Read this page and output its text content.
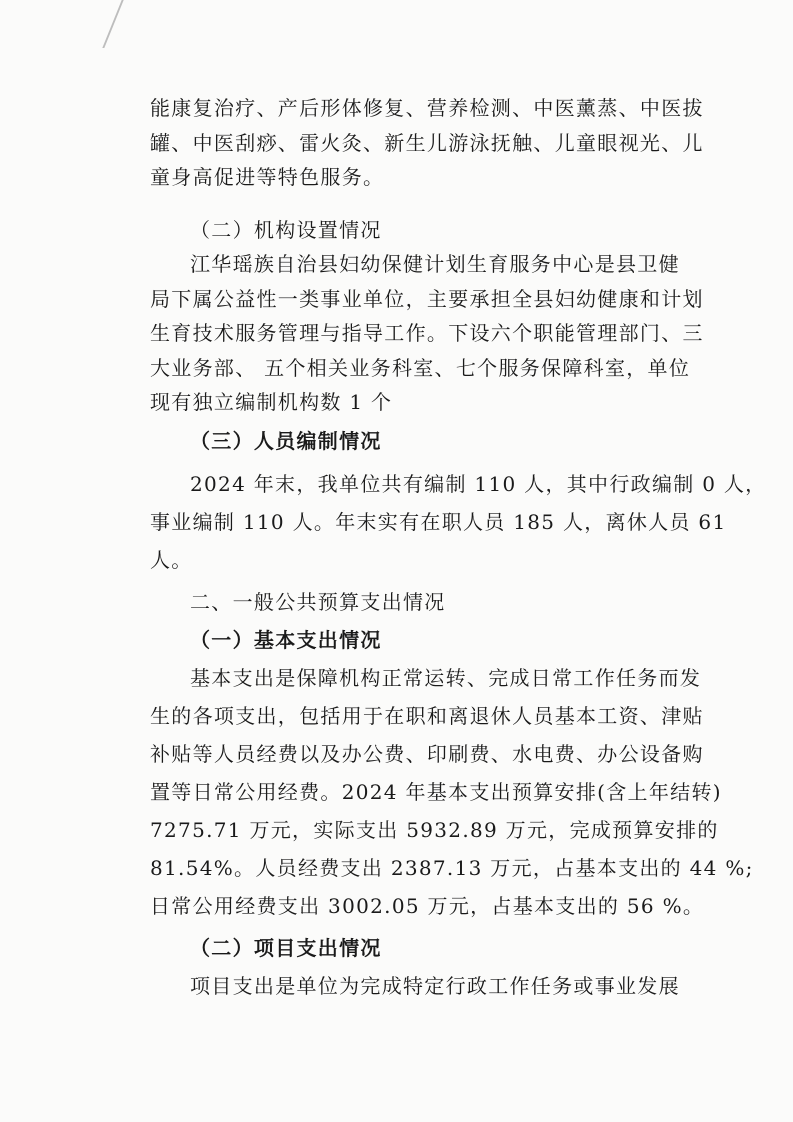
能康复治疗、产后形体修复、营养检测、中医薰蒸、中医拔

罐、中医刮痧、雷火灸、新生儿游泳抚触、儿童眼视光、儿

童身高促进等特色服务。

（二）机构设置情况

江华瑶族自治县妇幼保健计划生育服务中心是县卫健

局下属公益性一类事业单位，主要承担全县妇幼健康和计划

生育技术服务管理与指导工作。下设六个职能管理部门、三

大业务部、 五个相关业务科室、七个服务保障科室，单位

现有独立编制机构数 1 个

（三）人员编制情况

2024 年末，我单位共有编制 110 人，其中行政编制 0 人，

事业编制 110 人。年末实有在职人员 185 人，离休人员 61

人。

二、一般公共预算支出情况

（一）基本支出情况

基本支出是保障机构正常运转、完成日常工作任务而发

生的各项支出，包括用于在职和离退休人员基本工资、津贴

补贴等人员经费以及办公费、印刷费、水电费、办公设备购

置等日常公用经费。2024 年基本支出预算安排(含上年结转)

7275.71 万元，实际支出 5932.89 万元，完成预算安排的

81.54%。人员经费支出 2387.13 万元，占基本支出的 44 %;

日常公用经费支出 3002.05 万元，占基本支出的 56 %。

（二）项目支出情况

项目支出是单位为完成特定行政工作任务或事业发展
